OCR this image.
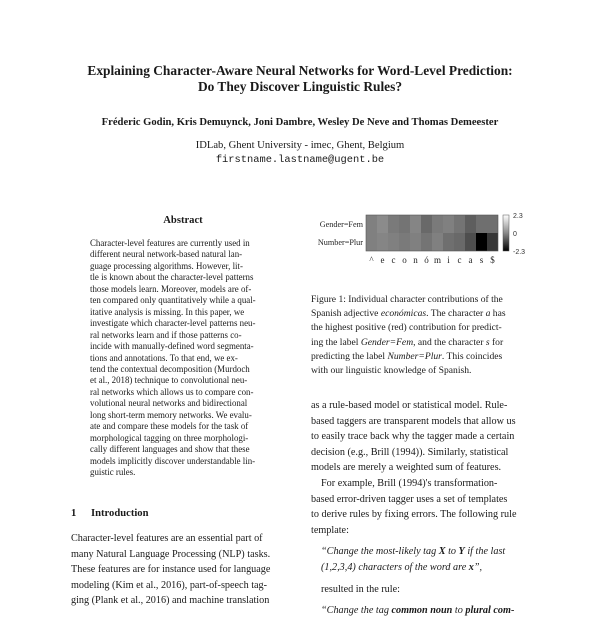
Explaining Character-Aware Neural Networks for Word-Level Prediction:
Do They Discover Linguistic Rules?
Fréderic Godin, Kris Demuynck, Joni Dambre, Wesley De Neve and Thomas Demeester
IDLab, Ghent University - imec, Ghent, Belgium
firstname.lastname@ugent.be
Abstract
Character-level features are currently used in
different neural network-based natural lan-
guage processing algorithms. However, lit-
tle is known about the character-level patterns
those models learn. Moreover, models are of-
ten compared only quantitatively while a qual-
itative analysis is missing. In this paper, we
investigate which character-level patterns neu-
ral networks learn and if those patterns co-
incide with manually-defined word segmenta-
tions and annotations. To that end, we ex-
tend the contextual decomposition (Murdoch
et al., 2018) technique to convolutional neu-
ral networks which allows us to compare con-
volutional neural networks and bidirectional
long short-term memory networks. We evalu-
ate and compare these models for the task of
morphological tagging on three morphologi-
cally different languages and show that these
models implicitly discover understandable lin-
guistic rules.
1 Introduction
Character-level features are an essential part of
many Natural Language Processing (NLP) tasks.
These features are for instance used for language
modeling (Kim et al., 2016), part-of-speech tag-
ging (Plank et al., 2016) and machine translation
Gender=Fem
Number=Plur
^ e c o n ó m i c a s $
2.3
0
-2.3
Figure 1: Individual character contributions of the
Spanish adjective económicas. The character a has
the highest positive (red) contribution for predict-
ing the label Gender=Fem, and the character s for
predicting the label Number=Plur. This coincides
with our linguistic knowledge of Spanish.
as a rule-based model or statistical model. Rule-
based taggers are transparent models that allow us
to easily trace back why the tagger made a certain
decision (e.g., Brill (1994)). Similarly, statistical
models are merely a weighted sum of features.
For example, Brill (1994)'s transformation-
based error-driven tagger uses a set of templates
to derive rules by fixing errors. The following rule
template:
“Change the most-likely tag X to Y if the last
(1,2,3,4) characters of the word are x”,
resulted in the rule:
“Change the tag common noun to plural com-
